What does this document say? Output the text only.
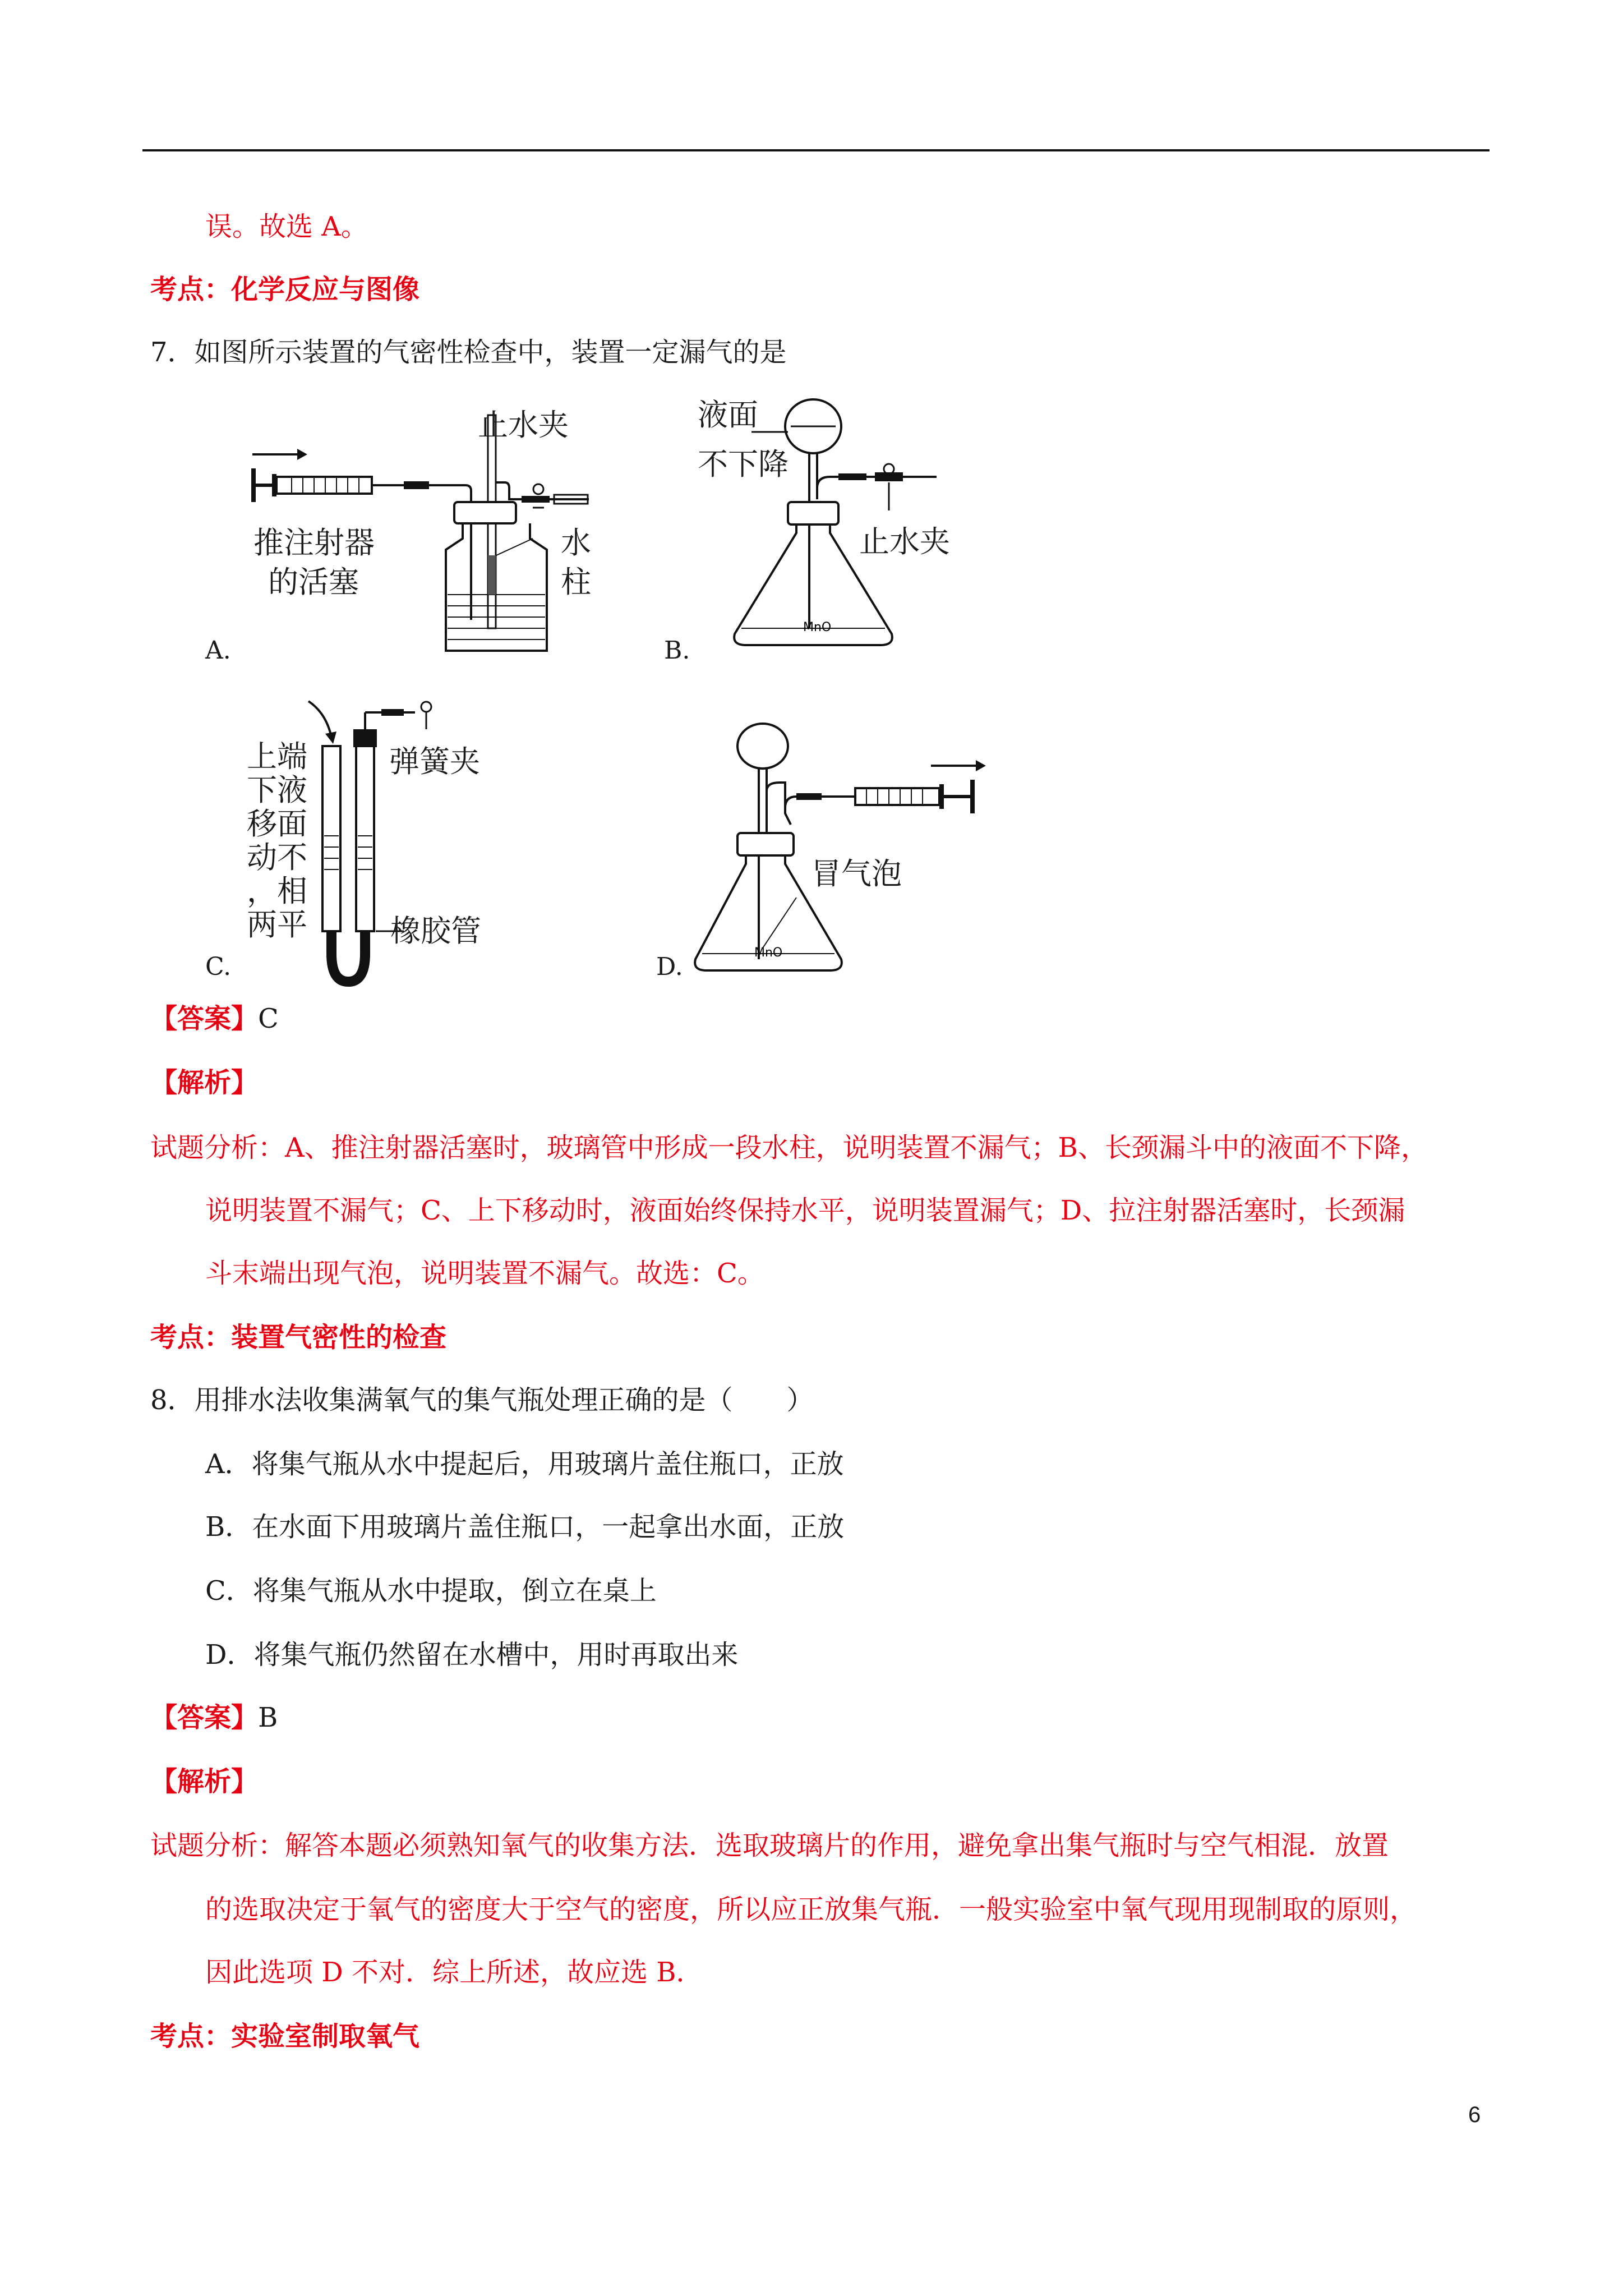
误。故选 A。
考点：化学反应与图像
7．如图所示装置的气密性检查中，装置一定漏气的是
止水夹
推注射器
的活塞
水
柱
A.
MnO
液面
不下降
止水夹
B.
弹簧夹
橡胶管
上端
下液
移面
动不
，相
两平
C.	MnO
冒气泡
D.
【答案】C
【解析】
试题分析：A、推注射器活塞时，玻璃管中形成一段水柱，说明装置不漏气；B、长颈漏斗中的液面不下降，
说明装置不漏气；C、上下移动时，液面始终保持水平，说明装置漏气；D、拉注射器活塞时，长颈漏
斗末端出现气泡，说明装置不漏气。故选：C。
考点：装置气密性的检查
8．用排水法收集满氧气的集气瓶处理正确的是（　　）
A．将集气瓶从水中提起后，用玻璃片盖住瓶口，正放
B．在水面下用玻璃片盖住瓶口，一起拿出水面，正放
C．将集气瓶从水中提取，倒立在桌上
D．将集气瓶仍然留在水槽中，用时再取出来
【答案】B
【解析】
试题分析：解答本题必须熟知氧气的收集方法．选取玻璃片的作用，避免拿出集气瓶时与空气相混．放置
的选取决定于氧气的密度大于空气的密度，所以应正放集气瓶．一般实验室中氧气现用现制取的原则，
因此选项 D 不对．综上所述，故应选 B．
考点：实验室制取氧气
6
